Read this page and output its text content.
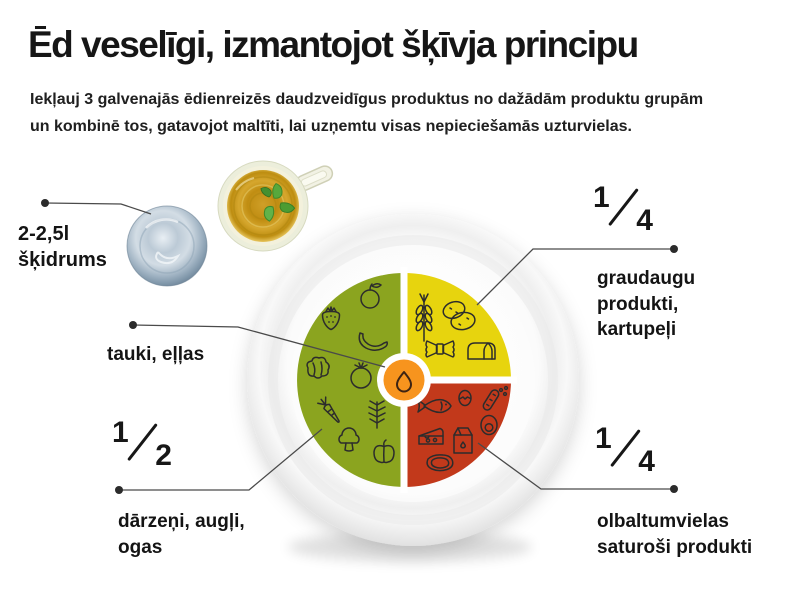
Ēd veselīgi, izmantojot šķīvja principu

Iekļauj 3 galvenajās ēdienreizēs daudzveidīgus produktus no dažādām produktu grupām un kombinē tos, gatavojot maltīti, lai uzņemtu visas nepieciešamās uzturvielas.

2-2,5l šķidrums
tauki, eļļas
dārzeņi, augļi, ogas
graudaugu produkti, kartupeļi
olbaltumvielas saturoši produkti
1
2
1
4
1
4
